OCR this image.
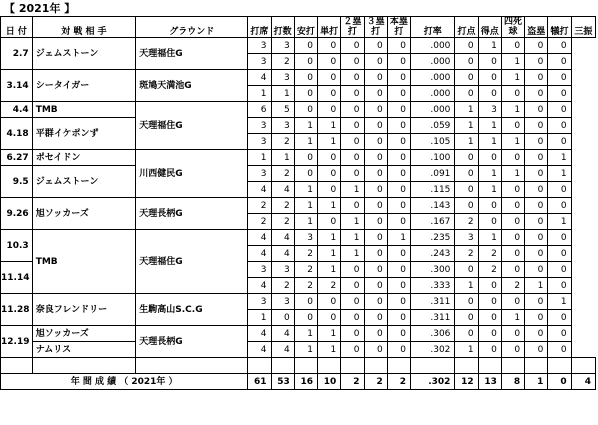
【 2021年 】
日 付	対 戦 相 手	グラウンド	打席	打数	安打	単打	２塁打	３塁打	本塁打	打率	打点	得点	四死球	盗塁	犠打	三振
2.7	ジェムストーン	天理福住G	3	3	0	0	0	0	0	.000	0	1	0	0	0	
			3	2	0	0	0	0	0	.000	0	0	1	0	0	
3.14	シータイガー	斑鳩天満池G	4	3	0	0	0	0	0	.000	0	0	1	0	0	
			1	1	0	0	0	0	0	.000	0	0	0	0	0	
4.4	TMB	天理福住G	6	5	0	0	0	0	0	.000	1	3	1	0	0	
4.18	平群イケポンず		3	3	1	1	0	0	0	.059	1	1	0	0	0	
			3	2	1	1	0	0	0	.105	1	1	1	0	0	
6.27	ポセイドン	川西健民G	1	1	0	0	0	0	0	.100	0	0	0	0	1	
9.5	ジェムストーン		3	2	0	0	0	0	0	.091	0	1	1	0	1	
			4	4	1	0	1	0	0	.115	0	1	0	0	0	
9.26	旭ソッカーズ	天理長柄G	2	2	1	1	0	0	0	.143	0	0	0	0	0	
			2	2	1	0	1	0	0	.167	2	0	0	0	1	
10.3	TMB	天理福住G	4	4	3	1	1	0	1	.235	3	1	0	0	0	
			4	4	2	1	1	0	0	.243	2	2	0	0	0	
11.14			3	3	2	1	0	0	0	.300	0	2	0	0	0	
			4	2	2	2	0	0	0	.333	1	0	2	1	0	
11.28	奈良フレンドリー	生駒高山S.C.G	3	3	0	0	0	0	0	.311	0	0	0	0	1	
			1	0	0	0	0	0	0	.311	0	0	1	0	0	
12.19	旭ソッカーズ	天理長柄G	4	4	1	1	0	0	0	.306	0	0	0	0	0	
	ナムリス		4	4	1	1	0	0	0	.302	1	0	0	0	0	

年 間 成 績 （ 2021年 ）			61	53	16	10	2	2	2	.302	12	13	8	1	0	4
